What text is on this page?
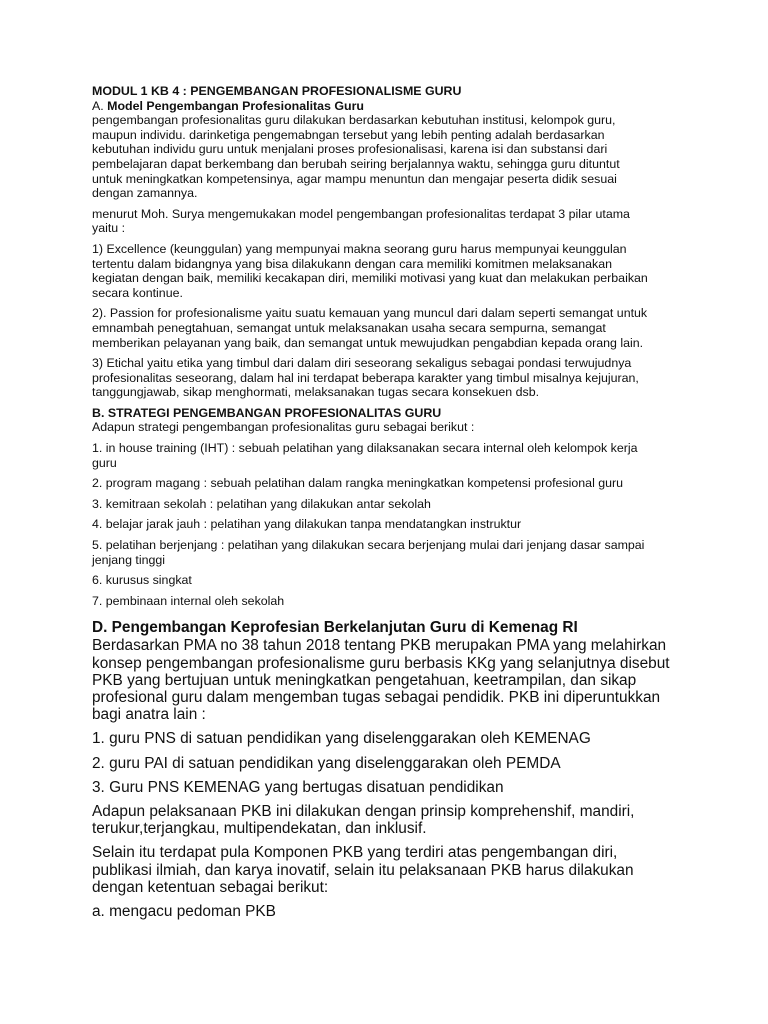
MODUL 1 KB 4 : PENGEMBANGAN PROFESIONALISME GURU
A. Model Pengembangan Profesionalitas Guru

pengembangan profesionalitas guru dilakukan berdasarkan kebutuhan institusi, kelompok guru,
maupun individu. darinketiga pengemabngan tersebut yang lebih penting adalah berdasarkan
kebutuhan individu guru untuk menjalani proses profesionalisasi, karena isi dan substansi dari
pembelajaran dapat berkembang dan berubah seiring berjalannya waktu, sehingga guru dituntut
untuk meningkatkan kompetensinya, agar mampu menuntun dan mengajar peserta didik sesuai
dengan zamannya.

menurut Moh. Surya mengemukakan model pengembangan profesionalitas terdapat 3 pilar utama
yaitu :

1) Excellence (keunggulan) yang mempunyai makna seorang guru harus mempunyai keunggulan
tertentu dalam bidangnya yang bisa dilakukann dengan cara memiliki komitmen melaksanakan
kegiatan dengan baik, memiliki kecakapan diri, memiliki motivasi yang kuat dan melakukan perbaikan
secara kontinue.

2). Passion for profesionalisme yaitu suatu kemauan yang muncul dari dalam seperti semangat untuk
emnambah penegtahuan, semangat untuk melaksanakan usaha secara sempurna, semangat
memberikan pelayanan yang baik, dan semangat untuk mewujudkan pengabdian kepada orang lain.

3) Etichal yaitu etika yang timbul dari dalam diri seseorang sekaligus sebagai pondasi terwujudnya
profesionalitas seseorang, dalam hal ini terdapat beberapa karakter yang timbul misalnya kejujuran,
tanggungjawab, sikap menghormati, melaksanakan tugas secara konsekuen dsb.

B. STRATEGI PENGEMBANGAN PROFESIONALITAS GURU

Adapun strategi pengembangan profesionalitas guru sebagai berikut :

1. in house training (IHT) : sebuah pelatihan yang dilaksanakan secara internal oleh kelompok kerja
guru

2. program magang : sebuah pelatihan dalam rangka meningkatkan kompetensi profesional guru

3. kemitraan sekolah : pelatihan yang dilakukan antar sekolah

4. belajar jarak jauh : pelatihan yang dilakukan tanpa mendatangkan instruktur

5. pelatihan berjenjang : pelatihan yang dilakukan secara berjenjang mulai dari jenjang dasar sampai
jenjang tinggi

6. kurusus singkat

7. pembinaan internal oleh sekolah

D. Pengembangan Keprofesian Berkelanjutan Guru di Kemenag RI

Berdasarkan PMA no 38 tahun 2018 tentang PKB merupakan PMA yang melahirkan
konsep pengembangan profesionalisme guru berbasis KKg yang selanjutnya disebut
PKB yang bertujuan untuk meningkatkan pengetahuan, keetrampilan, dan sikap
profesional guru dalam mengemban tugas sebagai pendidik. PKB ini diperuntukkan
bagi anatra lain :

1. guru PNS di satuan pendidikan yang diselenggarakan oleh KEMENAG

2. guru PAI di satuan pendidikan yang diselenggarakan oleh PEMDA

3. Guru PNS KEMENAG yang bertugas disatuan pendidikan

Adapun pelaksanaan PKB ini dilakukan dengan prinsip komprehenshif, mandiri,
terukur,terjangkau, multipendekatan, dan inklusif.

Selain itu terdapat pula Komponen PKB yang terdiri atas pengembangan diri,
publikasi ilmiah, dan karya inovatif, selain itu pelaksanaan PKB harus dilakukan
dengan ketentuan sebagai berikut:

a. mengacu pedoman PKB
